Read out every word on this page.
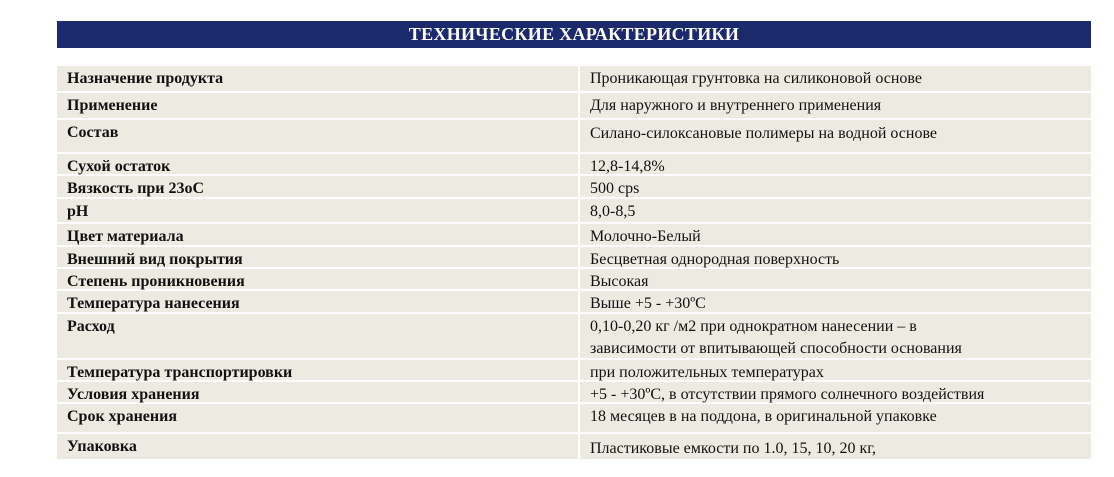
ТЕХНИЧЕСКИЕ ХАРАКТЕРИСТИКИ
Назначение продукта	Проникающая грунтовка на силиконовой основе
Применение	Для наружного и внутреннего применения
Состав	Силано-силоксановые полимеры на водной основе
Сухой остаток	12,8-14,8%
Вязкость при 23оС	500 cps
рН	8,0-8,5
Цвет материала	Молочно-Белый
Внешний вид покрытия	Бесцветная однородная поверхность
Степень проникновения	Высокая
Температура нанесения	Выше +5 - +30ºС
Расход	0,10-0,20 кг /м2 при однократном нанесении – в
зависимости от впитывающей способности основания
Температура транспортировки	при положительных температурах
Условия хранения	+5 - +30ºС, в отсутствии прямого солнечного воздействия
Срок хранения	18 месяцев в на поддона, в оригинальной упаковке
Упаковка	Пластиковые емкости по 1.0, 15, 10, 20 кг,
